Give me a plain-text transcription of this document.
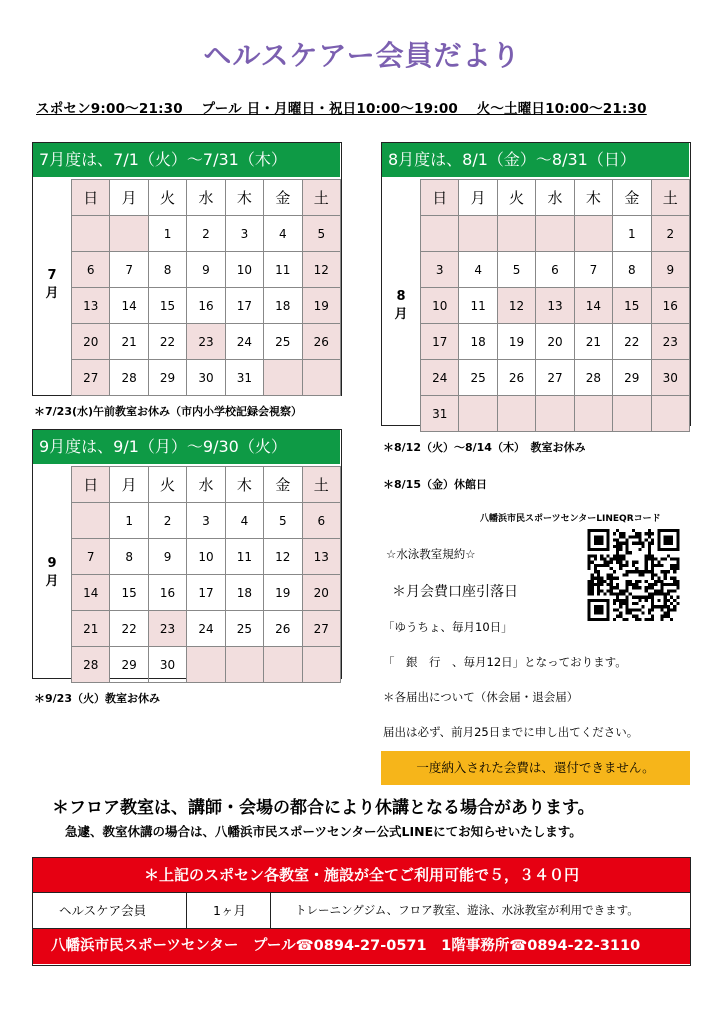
ヘルスケアー会員だより
スポセン9:00～21:30　 プール 日・月曜日・祝日10:00～19:00　 火～土曜日10:00～21:30
7月度は、7/1（火）～7/31（木）
7
月
日	月	火	水	木	金	土
		1	2	3	4	5
6	7	8	9	10	11	12
13	14	15	16	17	18	19
20	21	22	23	24	25	26
27	28	29	30	31		
＊7/23(水)午前教室お休み（市内小学校記録会視察）
8月度は、8/1（金）～8/31（日）
8
月
日	月	火	水	木	金	土
					1	2
3	4	5	6	7	8	9
10	11	12	13	14	15	16
17	18	19	20	21	22	23
24	25	26	27	28	29	30
31						
＊8/12（火）～8/14（木）　教室お休み
＊8/15（金）休館日
9月度は、9/1（月）～9/30（火）
9
月
日	月	火	水	木	金	土
	1	2	3	4	5	6
7	8	9	10	11	12	13
14	15	16	17	18	19	20
21	22	23	24	25	26	27
28	29	30				
＊9/23（火）教室お休み
八幡浜市民スポーツセンターLINEQRコード
☆水泳教室規約☆
＊月会費口座引落日
「ゆうちょ、毎月10日」
「　銀　行　、毎月12日」となっております。
＊各届出について（休会届・退会届）
届出は必ず、前月25日までに申し出てください。
一度納入された会費は、還付できません。
＊フロア教室は、講師・会場の都合により休講となる場合があります。
急遽、教室休講の場合は、八幡浜市民スポーツセンター公式LINEにてお知らせいたします。
＊上記のスポセン各教室・施設が全てご利用可能で５，３４０円
ヘルスケア会員	1ヶ月	トレーニングジム、フロア教室、遊泳、水泳教室が利用できます。
八幡浜市民スポーツセンター　プール☎0894-27-0571　1階事務所☎0894-22-3110
